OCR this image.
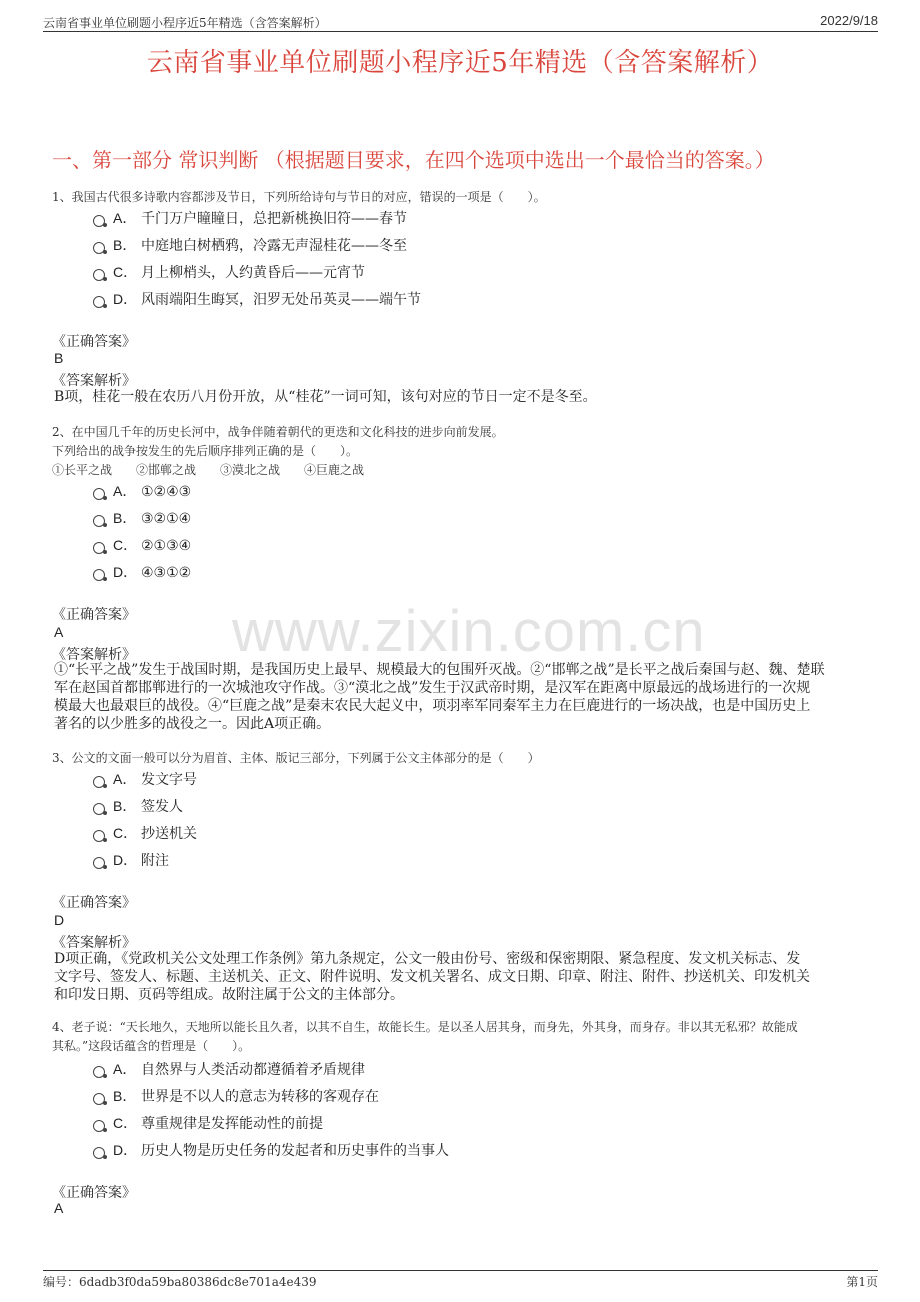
云南省事业单位刷题小程序近5年精选（含答案解析）	2022/9/18
云南省事业单位刷题小程序近5年精选（含答案解析）
一、第一部分 常识判断 （根据题目要求，在四个选项中选出一个最恰当的答案。）
www.zixin.com.cn
1、我国古代很多诗歌内容都涉及节日，下列所给诗句与节日的对应，错误的一项是（　　）。
A． 千门万户瞳瞳日，总把新桃换旧符——春节
B． 中庭地白树栖鸦，冷露无声湿桂花——冬至
C． 月上柳梢头，人约黄昏后——元宵节
D． 风雨端阳生晦冥，汨罗无处吊英灵——端午节
《正确答案》
B
《答案解析》
B项，桂花一般在农历八月份开放，从“桂花”一词可知，该句对应的节日一定不是冬至。
2、在中国几千年的历史长河中，战争伴随着朝代的更迭和文化科技的进步向前发展。
下列给出的战争按发生的先后顺序排列正确的是（　　）。
①长平之战　　②邯郸之战　　③漠北之战　　④巨鹿之战
A． ①②④③
B． ③②①④
C． ②①③④
D． ④③①②
《正确答案》
A
《答案解析》
①“长平之战”发生于战国时期，是我国历史上最早、规模最大的包围歼灭战。②“邯郸之战”是长平之战后秦国与赵、魏、楚联
军在赵国首都邯郸进行的一次城池攻守作战。③“漠北之战”发生于汉武帝时期，是汉军在距离中原最远的战场进行的一次规
模最大也最艰巨的战役。④“巨鹿之战”是秦末农民大起义中，项羽率军同秦军主力在巨鹿进行的一场决战，也是中国历史上
著名的以少胜多的战役之一。因此A项正确。
3、公文的文面一般可以分为眉首、主体、版记三部分，下列属于公文主体部分的是（　　）
A． 发文字号
B． 签发人
C． 抄送机关
D． 附注
《正确答案》
D
《答案解析》
D项正确，《党政机关公文处理工作条例》第九条规定，公文一般由份号、密级和保密期限、紧急程度、发文机关标志、发
文字号、签发人、标题、主送机关、正文、附件说明、发文机关署名、成文日期、印章、附注、附件、抄送机关、印发机关
和印发日期、页码等组成。故附注属于公文的主体部分。
4、老子说：“天长地久，天地所以能长且久者，以其不自生，故能长生。是以圣人居其身，而身先，外其身，而身存。非以其无私邪？故能成
其私。”这段话蕴含的哲理是（　　）。
A． 自然界与人类活动都遵循着矛盾规律
B． 世界是不以人的意志为转移的客观存在
C． 尊重规律是发挥能动性的前提
D． 历史人物是历史任务的发起者和历史事件的当事人
《正确答案》
A
编号：6dadb3f0da59ba80386dc8e701a4e439	第1页
